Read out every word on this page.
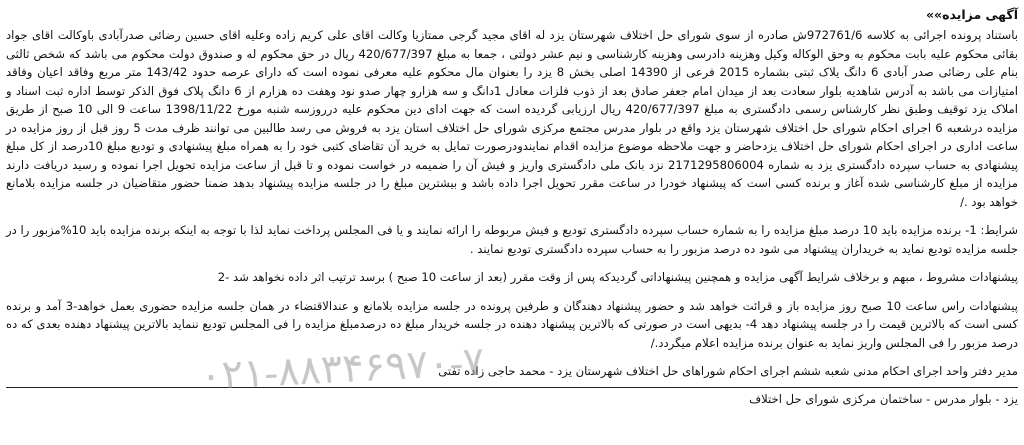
آگهی مزایده»»

باستناد پرونده اجرائی به کلاسه 972761/6ش صادره از سوی شورای حل اختلاف شهرستان یزد له اقای مجید گرجی ممتازیا وکالت اقای علی کریم زاده وعلیه اقای حسین رضائی صدرآبادی باوکالت اقای جواد بقائی محکوم علیه بابت محکوم به وحق الوکاله وکیل وهزینه دادرسی وهزینه کارشناسی و نیم عشر دولتی ، جمعا به مبلغ 420/677/397 ریال در حق محکوم له و صندوق دولت محکوم می باشد که شخص ثالثی بنام علی رضائی صدر آبادی 6 دانگ یلاک ثبتی بشماره 2015 فرعی از 14390 اصلی بخش 8 یزد را بعنوان مال محکوم علیه معرفی نموده است که دارای عرصه حدود 143/42 متر مربع وفاقد اعیان وفاقد امتیازات می باشد به آدرس شاهدیه بلوار سعادت بعد از میدان امام جعفر صادق بعد از ذوب فلزات معادل 1دانگ و سه هزارو چهار صدو نود وهفت ده هزارم از 6 دانگ پلاک فوق الذکر توسط اداره ثبت اسناد و املاک یزد توقیف وطبق نظر کارشناس رسمی دادگستری به مبلغ 420/677/397 ریال ارزیابی گردیده است که جهت ادای دین محکوم علیه درروزسه شنبه مورخ 1398/11/22 ساعت 9 الی 10 صبح از طریق مزایده درشعبه 6 اجرای احکام شورای حل اختلاف شهرستان یزد واقع در بلوار مدرس مجتمع مرکزی شورای حل اختلاف استان یزد به فروش می رسد طالبین می توانند ظرف مدت 5 روز قبل از روز مزایده در ساعت اداری در اجرای احکام شورای حل اختلاف یزدحاضر و جهت ملاحظه موضوع مزایده اقدام نمایندودرصورت تمایل به خرید آن تقاضای کتبی خود را به همراه مبلغ پیشنهادی و تودیع مبلغ 10درصد از کل مبلغ پیشنهادی به حساب سپرده دادگستری یزد به شماره 2171295806004 نزد بانک ملی دادگستری واریز و فیش آن را ضمیمه در خواست نموده و تا قبل از ساعت مزایده تحویل اجرا نموده و رسید دریافت دارند مزایده از مبلغ کارشناسی شده آغاز و برنده کسی است که پیشنهاد خودرا در ساعت مقرر تحویل اجرا داده باشد و بیشترین مبلغ را در جلسه مزایده پیشنهاد بدهد ضمنا حضور متقاضیان در جلسه مزایده بلامانع خواهد بود ./

شرایط: 1- برنده مزایده باید 10 درصد مبلغ مزایده را به شماره حساب سپرده دادگستری تودیع و فیش مربوطه را ارائه نمایند و یا فی المجلس پرداخت نماید لذا با توجه به اینکه برنده مزایده باید 10%مزبور را در جلسه مزایده تودیع نماید به خریداران پیشنهاد می شود ده درصد مزبور را به حساب سپرده دادگستری تودیع نمایند .

پیشنهادات مشروط ، مبهم و برخلاف شرایط آگهی مزایده و همچنین پیشنهاداتی گردیدکه پس از وقت مقرر (بعد از ساعت 10 صبح ) برسد ترتیب اثر داده نخواهد شد -2

پیشنهادات راس ساعت 10 صبح روز مزایده باز و قرائت خواهد شد و حضور پیشنهاد دهندگان و طرفین پرونده در جلسه مزایده بلامانع و عندالاقتضاء در همان جلسه مزایده حضوری بعمل خواهد-3 آمد و برنده کسی است که بالاترین قیمت را در جلسه پیشنهاد دهد 4- بدیهی است در صورتی که بالاترین پیشنهاد دهنده در جلسه خریدار مبلغ ده درصدمبلغ مزایده را فی المجلس تودیع ننماید بالاترین پیشنهاد دهنده بعدی که ده درصد مزبور را فی المجلس واریز نماید به عنوان برنده مزایده اعلام میگردد./

مدیر دفتر واحد اجرای احکام مدنی شعبه ششم اجرای احکام شوراهای حل اختلاف شهرستان یزد - محمد حاجی زاده تفتی
یزد - بلوار مدرس - ساختمان مرکزی شورای حل اختلاف
۰۲۱-۸۸۳۴۶۹۷۰-۷
